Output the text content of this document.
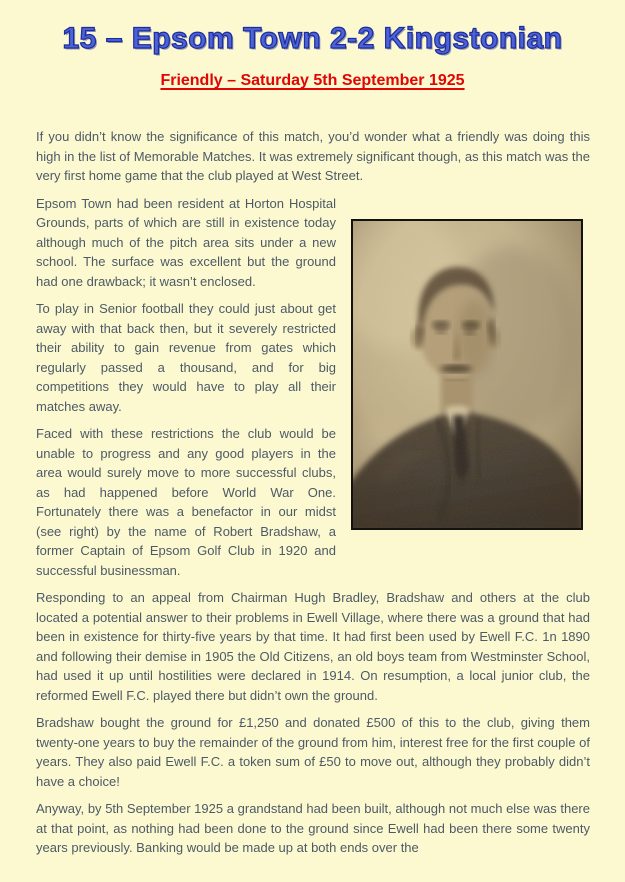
15 – Epsom Town 2-2 Kingstonian
Friendly – Saturday 5th September 1925

If you didn’t know the significance of this match, you’d wonder what a friendly was doing this high in the list of Memorable Matches. It was extremely significant though, as this match was the very first home game that the club played at West Street.

Epsom Town had been resident at Horton Hospital Grounds, parts of which are still in existence today although much of the pitch area sits under a new school. The surface was excellent but the ground had one drawback; it wasn’t enclosed.

To play in Senior football they could just about get away with that back then, but it severely restricted their ability to gain revenue from gates which regularly passed a thousand, and for big competitions they would have to play all their matches away.

Faced with these restrictions the club would be unable to progress and any good players in the area would surely move to more successful clubs, as had happened before World War One. Fortunately there was a benefactor in our midst (see right) by the name of Robert Bradshaw, a former Captain of Epsom Golf Club in 1920 and successful businessman.

Responding to an appeal from Chairman Hugh Bradley, Bradshaw and others at the club located a potential answer to their problems in Ewell Village, where there was a ground that had been in existence for thirty-five years by that time. It had first been used by Ewell F.C. 1n 1890 and following their demise in 1905 the Old Citizens, an old boys team from Westminster School, had used it up until hostilities were declared in 1914. On resumption, a local junior club, the reformed Ewell F.C. played there but didn’t own the ground.

Bradshaw bought the ground for £1,250 and donated £500 of this to the club, giving them twenty-one years to buy the remainder of the ground from him, interest free for the first couple of years. They also paid Ewell F.C. a token sum of £50 to move out, although they probably didn’t have a choice!

Anyway, by 5th September 1925 a grandstand had been built, although not much else was there at that point, as nothing had been done to the ground since Ewell had been there some twenty years previously. Banking would be made up at both ends over the
